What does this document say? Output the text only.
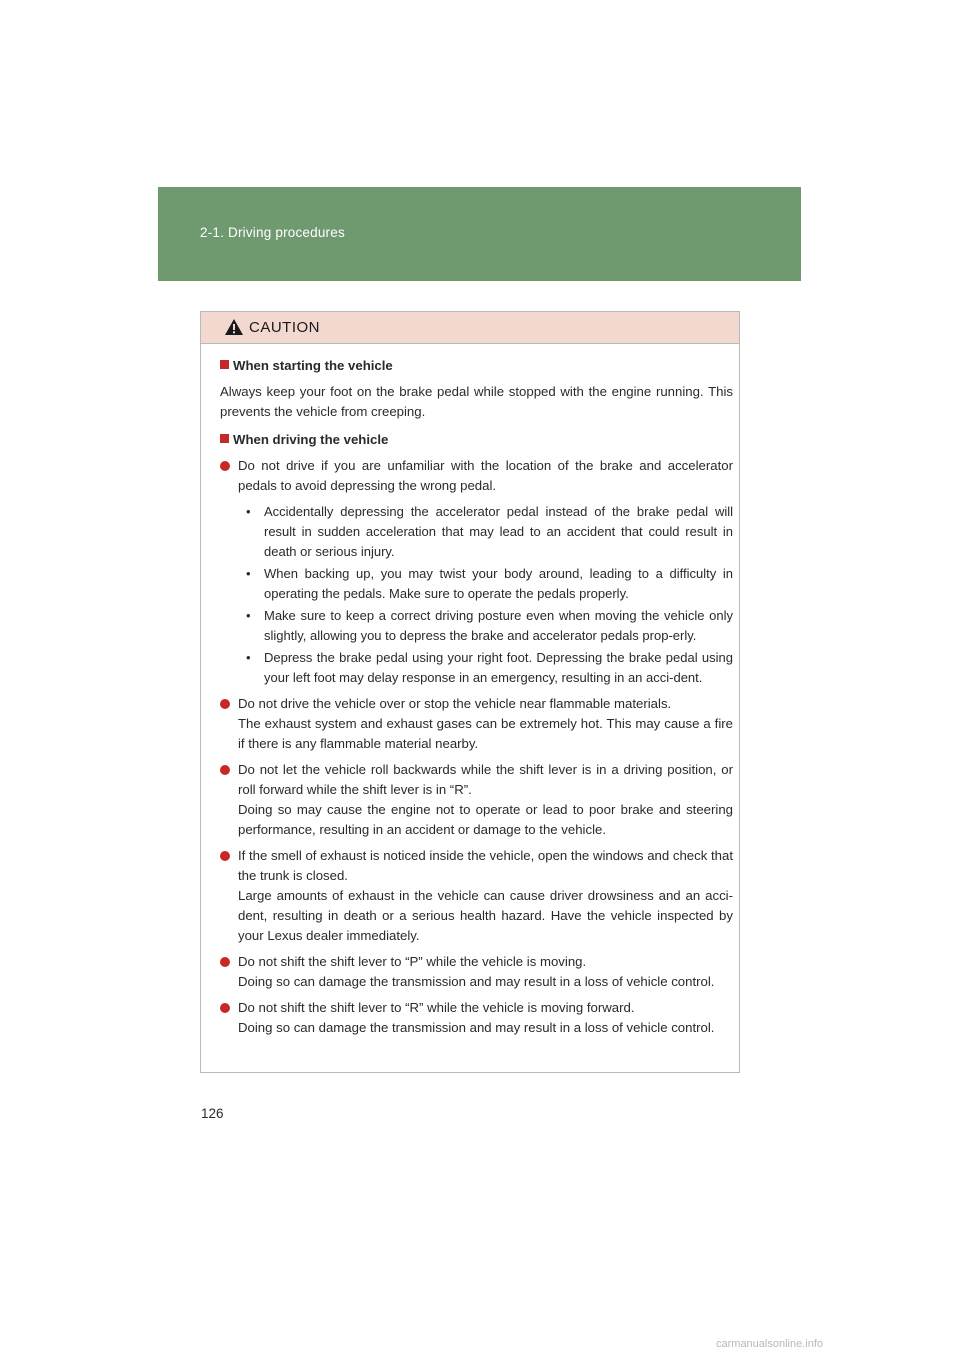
2-1. Driving procedures
CAUTION
When starting the vehicle

Always keep your foot on the brake pedal while stopped with the engine running. This prevents the vehicle from creeping.

When driving the vehicle

Do not drive if you are unfamiliar with the location of the brake and accelerator pedals to avoid depressing the wrong pedal.

• Accidentally depressing the accelerator pedal instead of the brake pedal will result in sudden acceleration that may lead to an accident that could result in death or serious injury.
• When backing up, you may twist your body around, leading to a difficulty in operating the pedals. Make sure to operate the pedals properly.
• Make sure to keep a correct driving posture even when moving the vehicle only slightly, allowing you to depress the brake and accelerator pedals prop-erly.
• Depress the brake pedal using your right foot. Depressing the brake pedal using your left foot may delay response in an emergency, resulting in an acci-dent.

Do not drive the vehicle over or stop the vehicle near flammable materials.

The exhaust system and exhaust gases can be extremely hot. This may cause a fire if there is any flammable material nearby.

Do not let the vehicle roll backwards while the shift lever is in a driving position, or roll forward while the shift lever is in “R”.

Doing so may cause the engine not to operate or lead to poor brake and steering performance, resulting in an accident or damage to the vehicle.

If the smell of exhaust is noticed inside the vehicle, open the windows and check that the trunk is closed.

Large amounts of exhaust in the vehicle can cause driver drowsiness and an acci-dent, resulting in death or a serious health hazard. Have the vehicle inspected by your Lexus dealer immediately.

Do not shift the shift lever to “P” while the vehicle is moving.

Doing so can damage the transmission and may result in a loss of vehicle control.

Do not shift the shift lever to “R” while the vehicle is moving forward.

Doing so can damage the transmission and may result in a loss of vehicle control.

126
carmanualsonline.info
